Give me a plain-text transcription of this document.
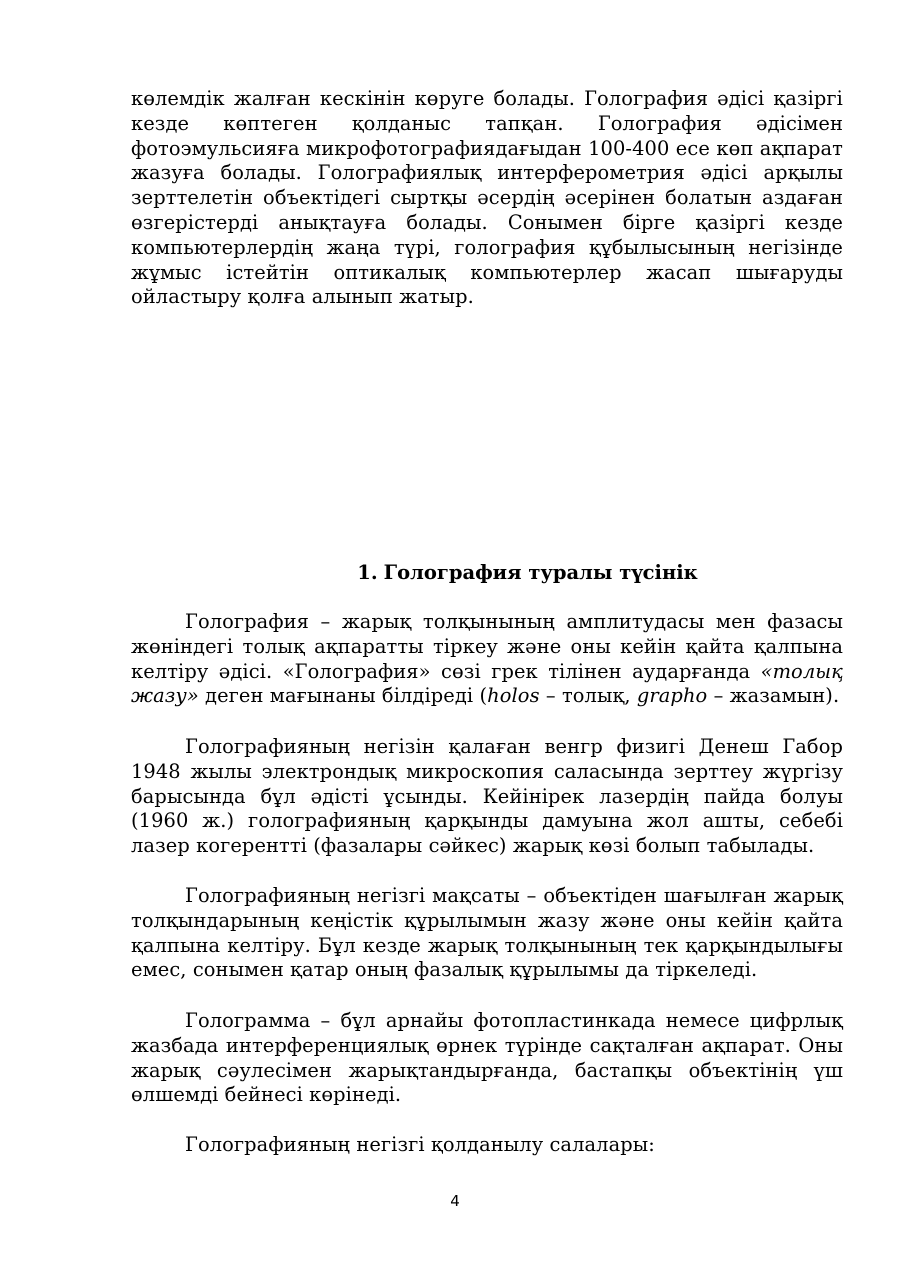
көлемдік жалған кескінін көруге болады. Голография әдісі қазіргі кезде көптеген қолданыс тапқан. Голография әдісімен фотоэмульсияға микрофотографиядағыдан 100-400 есе көп ақпарат жазуға болады. Голографиялық интерферометрия әдісі арқылы зерттелетін объектідегі сыртқы әсердің әсерінен болатын аздаған өзгерістерді анықтауға болады. Сонымен бірге қазіргі кезде компьютерлердің жаңа түрі, голография құбылысының негізінде жұмыс істейтін оптикалық компьютерлер жасап шығаруды ойластыру қолға алынып жатыр.

1. Голография туралы түсінік

Голография – жарық толқынының амплитудасы мен фазасы жөніндегі толық ақпаратты тіркеу және оны кейін қайта қалпына келтіру әдісі. «Голография» сөзі грек тілінен аударғанда «толық жазу» деген мағынаны білдіреді (holos – толық, grapho – жазамын).

Голографияның негізін қалаған венгр физигі Денеш Габор 1948 жылы электрондық микроскопия саласында зерттеу жүргізу барысында бұл әдісті ұсынды. Кейінірек лазердің пайда болуы (1960 ж.) голографияның қарқынды дамуына жол ашты, себебі лазер когерентті (фазалары сәйкес) жарық көзі болып табылады.

Голографияның негізгі мақсаты – объектіден шағылған жарық толқындарының кеңістік құрылымын жазу және оны кейін қайта қалпына келтіру. Бұл кезде жарық толқынының тек қарқындылығы емес, сонымен қатар оның фазалық құрылымы да тіркеледі.

Голограмма – бұл арнайы фотопластинкада немесе цифрлық жазбада интерференциялық өрнек түрінде сақталған ақпарат. Оны жарық сәулесімен жарықтандырғанда, бастапқы объектінің үш өлшемді бейнесі көрінеді.

Голографияның негізгі қолданылу салалары:

4
